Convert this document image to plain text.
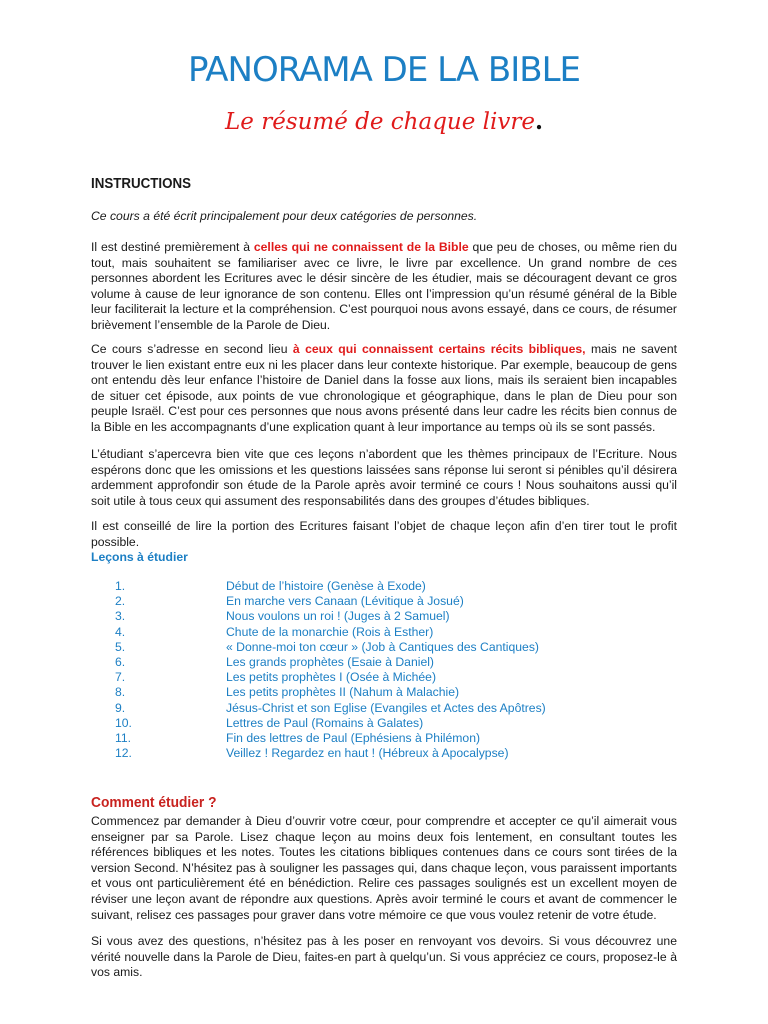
PANORAMA DE LA BIBLE
Le résumé de chaque livre.
INSTRUCTIONS
Ce cours a été écrit principalement pour deux catégories de personnes.
Il est destiné premièrement à celles qui ne connaissent de la Bible que peu de choses, ou même rien du tout, mais souhaitent se familiariser avec ce livre, le livre par excellence. Un grand nombre de ces personnes abordent les Ecritures avec le désir sincère de les étudier, mais se découragent devant ce gros volume à cause de leur ignorance de son contenu. Elles ont l’impression qu’un résumé général de la Bible leur faciliterait la lecture et la compréhension. C’est pourquoi nous avons essayé, dans ce cours, de résumer brièvement l’ensemble de la Parole de Dieu.
Ce cours s’adresse en second lieu à ceux qui connaissent certains récits bibliques, mais ne savent trouver le lien existant entre eux ni les placer dans leur contexte historique. Par exemple, beaucoup de gens ont entendu dès leur enfance l’histoire de Daniel dans la fosse aux lions, mais ils seraient bien incapables de situer cet épisode, aux points de vue chronologique et géographique, dans le plan de Dieu pour son peuple Israël. C’est pour ces personnes que nous avons présenté dans leur cadre les récits bien connus de la Bible en les accompagnants d’une explication quant à leur importance au temps où ils se sont passés.
L’étudiant s’apercevra bien vite que ces leçons n’abordent que les thèmes principaux de l’Ecriture. Nous espérons donc que les omissions et les questions laissées sans réponse lui seront si pénibles qu’il désirera ardemment approfondir son étude de la Parole après avoir terminé ce cours ! Nous souhaitons aussi qu’il soit utile à tous ceux qui assument des responsabilités dans des groupes d’études bibliques.
Il est conseillé de lire la portion des Ecritures faisant l’objet de chaque leçon afin d’en tirer tout le profit possible.
Leçons à étudier
1.	Début de l’histoire (Genèse à Exode)
2.	En marche vers Canaan (Lévitique à Josué)
3.	Nous voulons un roi ! (Juges à 2 Samuel)
4.	Chute de la monarchie (Rois à Esther)
5.	« Donne-moi ton cœur » (Job à Cantiques des Cantiques)
6.	Les grands prophètes (Esaie à Daniel)
7.	Les petits prophètes I (Osée à Michée)
8.	Les petits prophètes II (Nahum à Malachie)
9.	Jésus-Christ et son Eglise (Evangiles et Actes des Apôtres)
10.	Lettres de Paul (Romains à Galates)
11.	Fin des lettres de Paul (Ephésiens à Philémon)
12.	Veillez ! Regardez en haut ! (Hébreux à Apocalypse)
Comment étudier ?
Commencez par demander à Dieu d’ouvrir votre cœur, pour comprendre et accepter ce qu’il aimerait vous enseigner par sa Parole. Lisez chaque leçon au moins deux fois lentement, en consultant toutes les références bibliques et les notes. Toutes les citations bibliques contenues dans ce cours sont tirées de la version Second. N’hésitez pas à souligner les passages qui, dans chaque leçon, vous paraissent importants et vous ont particulièrement été en bénédiction. Relire ces passages soulignés est un excellent moyen de réviser une leçon avant de répondre aux questions. Après avoir terminé le cours et avant de commencer le suivant, relisez ces passages pour graver dans votre mémoire ce que vous voulez retenir de votre étude.
Si vous avez des questions, n’hésitez pas à les poser en renvoyant vos devoirs. Si vous découvrez une vérité nouvelle dans la Parole de Dieu, faites-en part à quelqu’un. Si vous appréciez ce cours, proposez-le à vos amis.
